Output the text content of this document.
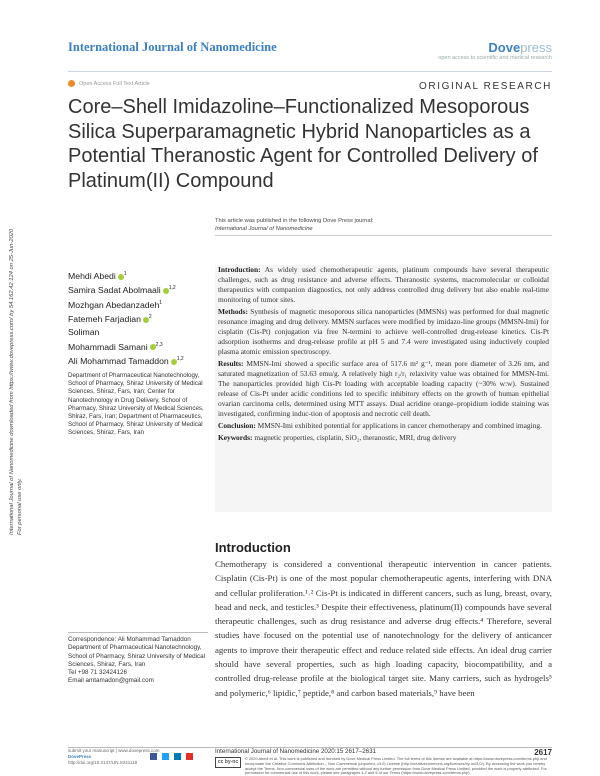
International Journal of Nanomedicine	Dovepress
open access to scientific and medical research
Open Access Full Text Article	ORIGINAL RESEARCH
Core–Shell Imidazoline–Functionalized Mesoporous Silica Superparamagnetic Hybrid Nanoparticles as a Potential Theranostic Agent for Controlled Delivery of Platinum(II) Compound
This article was published in the following Dove Press journal:
International Journal of Nanomedicine
Mehdi Abedi $^1$
Samira Sadat Abolmaali $^{1,2}$
Mozhgan Abedanzadeh$^1$
Fatemeh Farjadian $^2$
Soliman
Mohammadi Samani $^{2,3}$
Ali Mohammad Tamaddon $^{1,2}$
Department of Pharmaceutical Nanotechnology, School of Pharmacy, Shiraz University of Medical Sciences, Shiraz, Fars, Iran; Center for Nanotechnology in Drug Delivery, School of Pharmacy, Shiraz University of Medical Sciences, Shiraz, Fars, Iran; Department of Pharmaceutics, School of Pharmacy, Shiraz University of Medical Sciences, Shiraz, Fars, Iran

Introduction: As widely used chemotherapeutic agents, platinum compounds have several therapeutic challenges, such as drug resistance and adverse effects. Theranostic systems, macromolecular or colloidal therapeutics with companion diagnostics, not only address controlled drug delivery but also enable real-time monitoring of tumor sites.

Methods: Synthesis of magnetic mesoporous silica nanoparticles (MMSNs) was performed for dual magnetic resonance imaging and drug delivery. MMSN surfaces were modified by imidazo-line groups (MMSN-Imi) for cisplatin (Cis-Pt) conjugation via free N-termini to achieve well-controlled drug-release kinetics. Cis-Pt adsorption isotherms and drug-release profile at pH 5 and 7.4 were investigated using inductively coupled plasma atomic emission spectroscopy.

Results: MMSN-Imi showed a specific surface area of 517.6 m² g⁻¹, mean pore diameter of 3.26 nm, and saturated magnetization of 53.63 emu/g. A relatively high r₂/r₁ relaxivity value was obtained for MMSN-Imi. The nanoparticles provided high Cis-Pt loading with acceptable loading capacity (~30% w:w). Sustained release of Cis-Pt under acidic conditions led to specific inhibitory effects on the growth of human epithelial ovarian carcinoma cells, determined using MTT assays. Dual acridine orange–propidium iodide staining was investigated, confirming induc-tion of apoptosis and necrotic cell death.

Conclusion: MMSN-Imi exhibited potential for applications in cancer chemotherapy and combined imaging.

Keywords: magnetic properties, cisplatin, SiO₂, theranostic, MRI, drug delivery

Introduction

Chemotherapy is considered a conventional therapeutic intervention in cancer patients. Cisplatin (Cis-Pt) is one of the most popular chemotherapeutic agents, interfering with DNA and cellular proliferation.¹˒² Cis-Pt is indicated in different cancers, such as lung, breast, ovary, head and neck, and testicles.³ Despite their effectiveness, platinum(II) compounds have several therapeutic challenges, such as drug resistance and adverse drug effects.⁴ Therefore, several studies have focused on the potential use of nanotechnology for the delivery of anticancer agents to improve their therapeutic effect and reduce related side effects. An ideal drug carrier should have several properties, such as high loading capacity, biocompatibility, and a controlled drug-release profile at the biological target site. Many carriers, such as hydrogels⁵ and polymeric,⁶ lipidic,⁷ peptide,⁸ and carbon based materials,⁹ have been

Correspondence: Ali Mohammad Tamaddon
Department of Pharmaceutical Nanotechnology, School of Pharmacy, Shiraz University of Medical Sciences, Shiraz, Fars, Iran
Tel +98 71 32424126
Email amtamadon@gmail.com
International Journal of Nanomedicine downloaded from https://www.dovepress.com/ by 54.162.42.124 on 25-Jun-2020 For personal use only.
submit your manuscript | www.dovepress.com
DovePress
http://doi.org/10.2147/IJN.S241118
International Journal of Nanomedicine 2020:15 2617–2631	2617
cc by-nc
© 2020 Abedi et al. This work is published and licensed by Dove Medical Press Limited. The full terms of this license are available at https://www.dovepress.com/terms.php and incorporate the Creative Commons Attribution – Non Commercial (unported, v3.0) License (http://creativecommons.org/licenses/by-nc/3.0/). By accessing the work you hereby accept the Terms. Non-commercial uses of the work are permitted without any further permission from Dove Medical Press Limited, provided the work is properly attributed. For permission for commercial use of this work, please see paragraphs 4.2 and 5 of our Terms (https://www.dovepress.com/terms.php).
